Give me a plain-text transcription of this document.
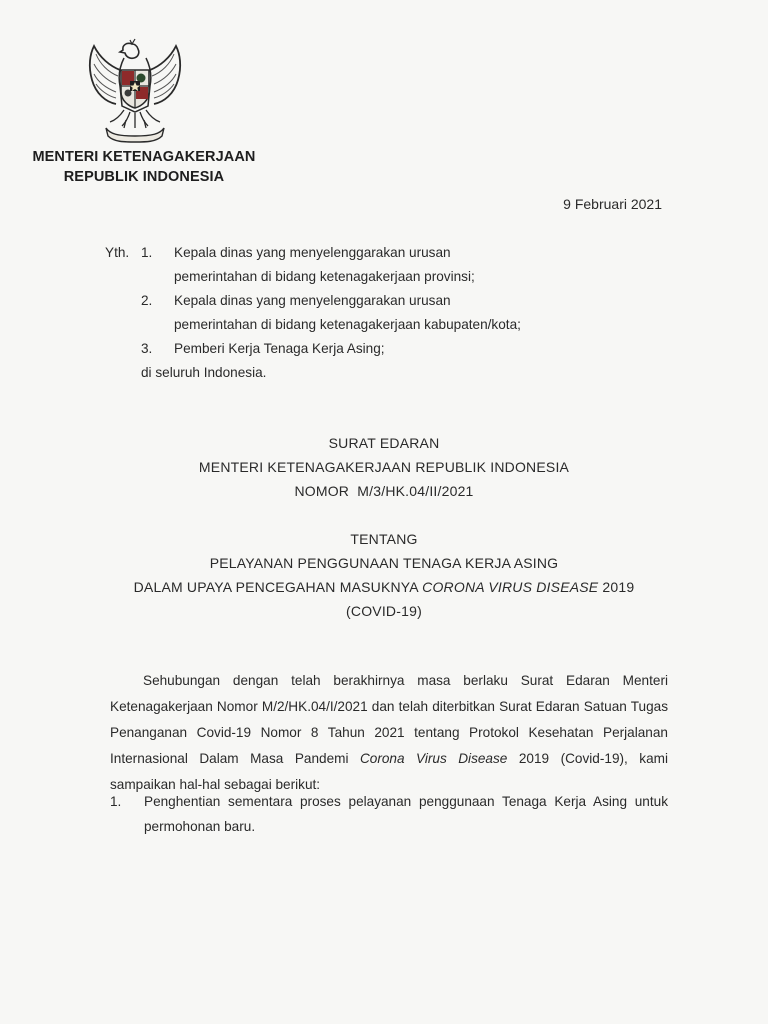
MENTERI KETENAGAKERJAAN
REPUBLIK INDONESIA
9 Februari 2021
Yth. 1. Kepala dinas yang menyelenggarakan urusan
pemerintahan di bidang ketenagakerjaan provinsi;
2. Kepala dinas yang menyelenggarakan urusan
pemerintahan di bidang ketenagakerjaan kabupaten/kota;
3. Pemberi Kerja Tenaga Kerja Asing;
di seluruh Indonesia.
SURAT EDARAN
MENTERI KETENAGAKERJAAN REPUBLIK INDONESIA
NOMOR  M/3/HK.04/II/2021
TENTANG
PELAYANAN PENGGUNAAN TENAGA KERJA ASING
DALAM UPAYA PENCEGAHAN MASUKNYA CORONA VIRUS DISEASE 2019
(COVID-19)

Sehubungan dengan telah berakhirnya masa berlaku Surat Edaran Menteri Ketenagakerjaan Nomor M/2/HK.04/I/2021 dan telah diterbitkan Surat Edaran Satuan Tugas Penanganan Covid-19 Nomor 8 Tahun 2021 tentang Protokol Kesehatan Perjalanan Internasional Dalam Masa Pandemi Corona Virus Disease 2019 (Covid-19), kami sampaikan hal-hal sebagai berikut:

1. Penghentian sementara proses pelayanan penggunaan Tenaga Kerja Asing untuk permohonan baru.
